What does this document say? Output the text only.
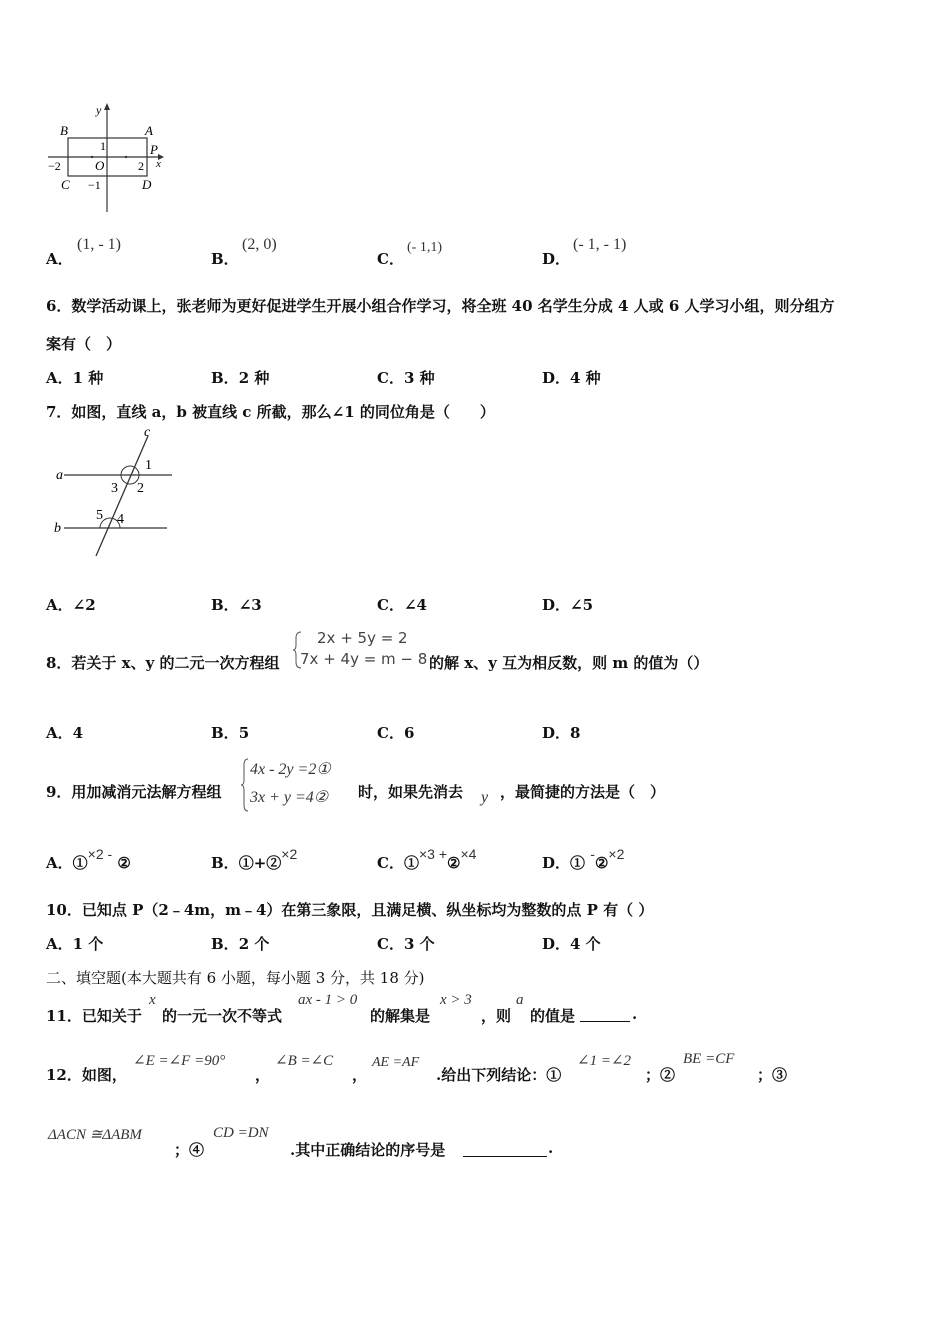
y
x
B	A
P
C	D
O
1
−1
−2	2
A．
(1, - 1)
B．
(2, 0)
C．
(- 1,1)
D．
(- 1, - 1)
6．数学活动课上，张老师为更好促进学生开展小组合作学习，将全班 40 名学生分成 4 人或 6 人学习小组，则分组方
案有（　）
A．1 种	B．2 种	C．3 种	D．4 种
7．如图，直线 a，b 被直线 c 所截，那么∠1 的同位角是（　　）
c
a
b
1
2
3
4
5
A．∠2	B．∠3	C．∠4	D．∠5
8．若关于 x、y 的二元一次方程组
2x + 5y = 2
7x + 4y = m − 8 的解 x、y 互为相反数，则 m 的值为（）
A．4	B．5	C．6	D．8
9．用加减消元法解方程组
4x - 2y =2①
3x + y =4② 时，如果先消去 y ，最简捷的方法是（　）
A．①×2 - ②	B．①+②×2	C．①×3 +②×4	D．① -②×2
10．已知点 P（2﹣4m，m﹣4）在第三象限，且满足横、纵坐标均为整数的点 P 有（ ）
A．1 个	B．2 个	C．3 个	D．4 个
二、填空题(本大题共有 6 小题，每小题 3 分，共 18 分)
11．已知关于
x
的一元一次不等式
ax - 1 > 0
的解集是
x > 3
，则
a
的值是	.
12．如图，
∠E =∠F =90°
，
∠B =∠C
，
AE =AF
.给出下列结论：①
∠1 =∠2
；②
BE =CF
；③
ΔACN ≅ΔABM
；④
CD =DN
.其中正确结论的序号是	.
